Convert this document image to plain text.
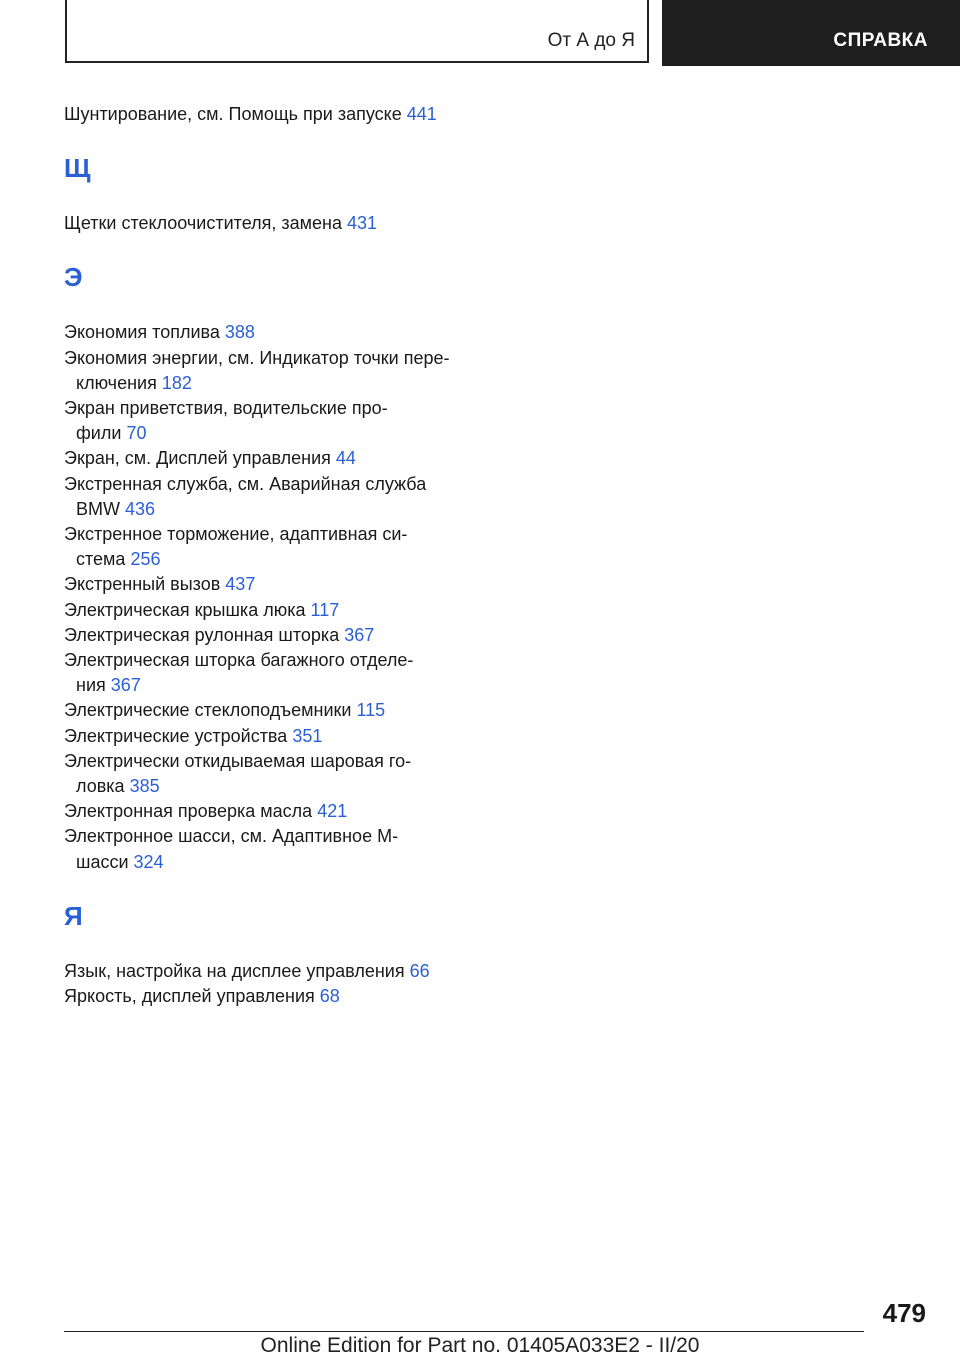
От А до Я	СПРАВКА
Шунтирование, см. Помощь при запуске 441
Щ
Щетки стеклоочистителя, замена 431
Э
Экономия топлива 388
Экономия энергии, см. Индикатор точки пере‐
ключения 182
Экран приветствия, водительские про‐
фили 70
Экран, см. Дисплей управления 44
Экстренная служба, см. Аварийная служба
BMW 436
Экстренное торможение, адаптивная си‐
стема 256
Экстренный вызов 437
Электрическая крышка люка 117
Электрическая рулонная шторка 367
Электрическая шторка багажного отделе‐
ния 367
Электрические стеклоподъемники 115
Электрические устройства 351
Электрически откидываемая шаровая го‐
ловка 385
Электронная проверка масла 421
Электронное шасси, см. Адаптивное M-
шасси 324
Я
Язык, настройка на дисплее управления 66
Яркость, дисплей управления 68
479
Online Edition for Part no. 01405A033E2 - II/20
